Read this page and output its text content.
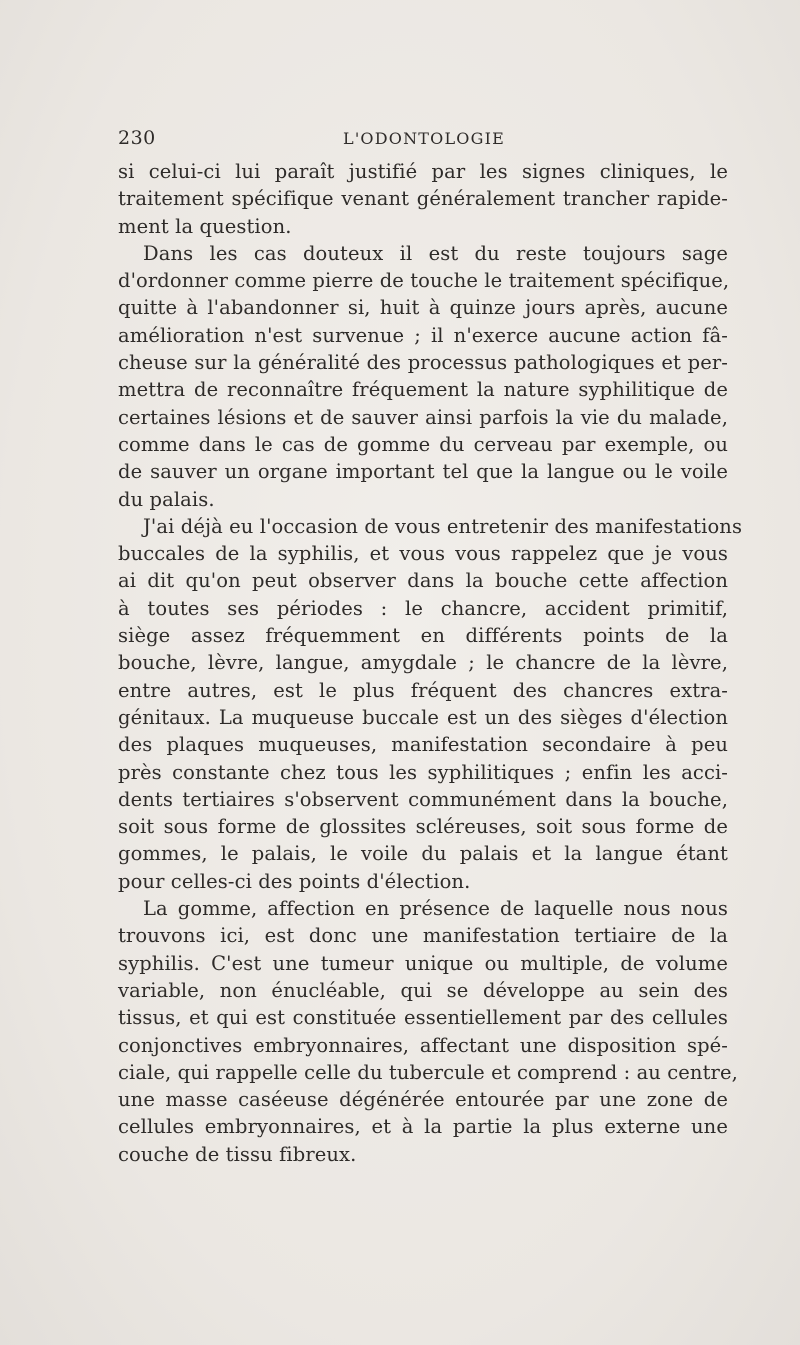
230	L'ODONTOLOGIE
si celui-ci lui paraît justifié par les signes cliniques, le
traitement spécifique venant généralement trancher rapide-
ment la question.
Dans les cas douteux il est du reste toujours sage
d'ordonner comme pierre de touche le traitement spécifique,
quitte à l'abandonner si, huit à quinze jours après, aucune
amélioration n'est survenue ; il n'exerce aucune action fâ-
cheuse sur la généralité des processus pathologiques et per-
mettra de reconnaître fréquement la nature syphilitique de
certaines lésions et de sauver ainsi parfois la vie du malade,
comme dans le cas de gomme du cerveau par exemple, ou
de sauver un organe important tel que la langue ou le voile
du palais.
J'ai déjà eu l'occasion de vous entretenir des manifestations
buccales de la syphilis, et vous vous rappelez que je vous
ai dit qu'on peut observer dans la bouche cette affection
à toutes ses périodes : le chancre, accident primitif,
siège assez fréquemment en différents points de la
bouche, lèvre, langue, amygdale ; le chancre de la lèvre,
entre autres, est le plus fréquent des chancres extra-
génitaux. La muqueuse buccale est un des sièges d'élection
des plaques muqueuses, manifestation secondaire à peu
près constante chez tous les syphilitiques ; enfin les acci-
dents tertiaires s'observent communément dans la bouche,
soit sous forme de glossites scléreuses, soit sous forme de
gommes, le palais, le voile du palais et la langue étant
pour celles-ci des points d'élection.
La gomme, affection en présence de laquelle nous nous
trouvons ici, est donc une manifestation tertiaire de la
syphilis. C'est une tumeur unique ou multiple, de volume
variable, non énucléable, qui se développe au sein des
tissus, et qui est constituée essentiellement par des cellules
conjonctives embryonnaires, affectant une disposition spé-
ciale, qui rappelle celle du tubercule et comprend : au centre,
une masse caséeuse dégénérée entourée par une zone de
cellules embryonnaires, et à la partie la plus externe une
couche de tissu fibreux.
